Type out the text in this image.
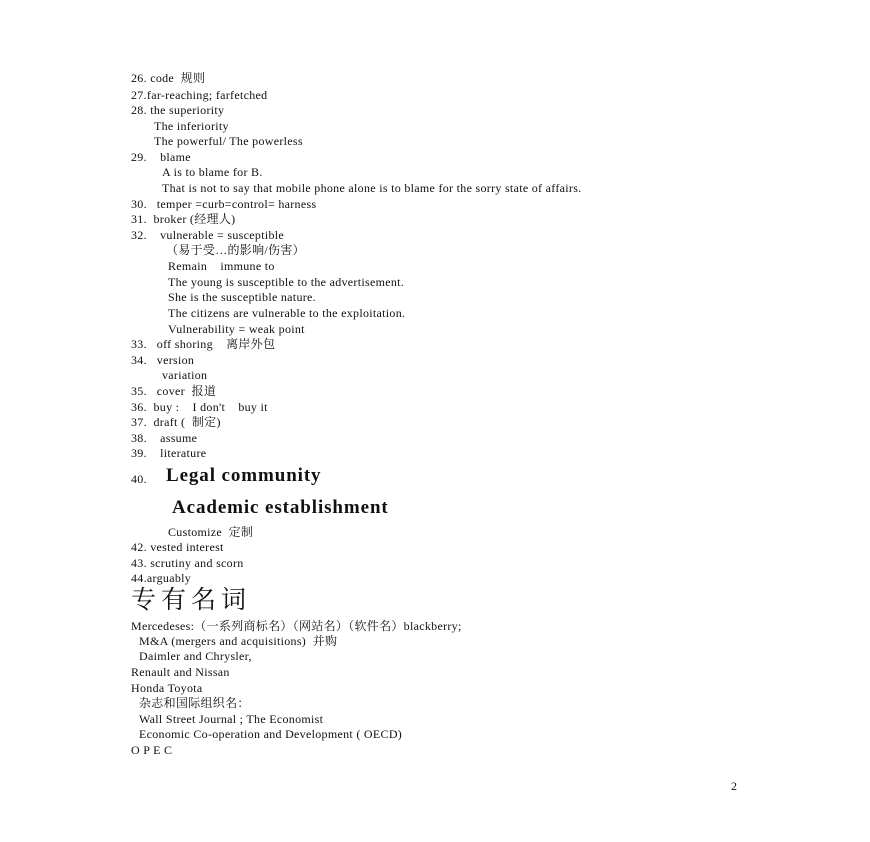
26. code  规则
27.far-reaching; farfetched
28. the superiority
The inferiority
The powerful/ The powerless
29.    blame
A is to blame for B.
That is not to say that mobile phone alone is to blame for the sorry state of affairs.
30.   temper =curb=control= harness
31.  broker (经理人)
32.    vulnerable = susceptible
（易于受…的影响/伤害）
Remain    immune to
The young is susceptible to the advertisement.
She is the susceptible nature.
The citizens are vulnerable to the exploitation.
Vulnerability = weak point
33.   off shoring    离岸外包
34.   version
variation
35.   cover  报道
36.  buy :    I don't    buy it
37.  draft (  制定)
38.    assume
39.    literature
40. Legal community
Academic establishment
Customize  定制
42. vested interest
43. scrutiny and scorn
44.arguably
专有名词
Mercedeses:（一系列商标名）（网站名）（软件名）blackberry;
M&A (mergers and acquisitions)  并购
Daimler and Chrysler,
Renault and Nissan
Honda Toyota
杂志和国际组织名：
Wall Street Journal ; The Economist
Economic Co-operation and Development ( OECD)
O P E C
2
